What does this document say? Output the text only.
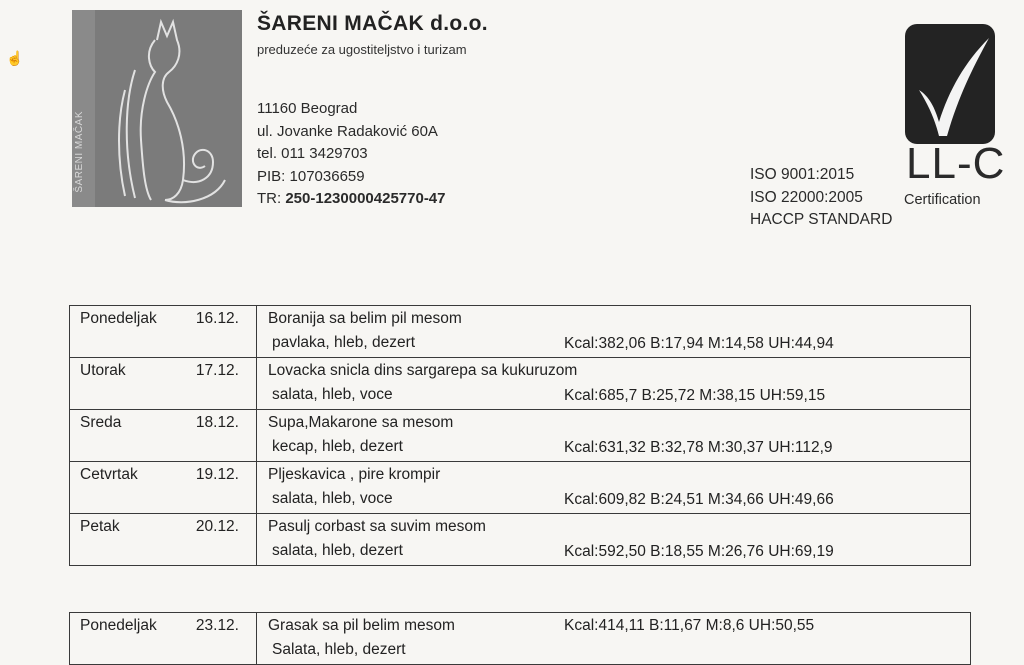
☝
ŠARENI MAČAK
ŠARENI MAČAK d.o.o.
preduzeće za ugostiteljstvo i turizam
11160 Beograd
ul. Jovanke Radaković 60A
tel. 011 3429703
PIB: 107036659
TR: 250-1230000425770-47
ISO 9001:2015
ISO 22000:2005
HACCP STANDARD
LL-C
Certification
Ponedeljak 16.12.	Boranija sa belim pil mesom
pavlaka, hleb, dezert Kcal:382,06 B:17,94 M:14,58 UH:44,94

Utorak 17.12.	Lovacka snicla dins sargarepa sa kukuruzom
salata, hleb, voce Kcal:685,7 B:25,72 M:38,15 UH:59,15

Sreda 18.12.	Supa,Makarone sa mesom
kecap, hleb, dezert Kcal:631,32 B:32,78 M:30,37 UH:112,9

Cetvrtak 19.12.	Pljeskavica , pire krompir
salata, hleb, voce Kcal:609,82 B:24,51 M:34,66 UH:49,66

Petak 20.12.	Pasulj corbast sa suvim mesom
salata, hleb, dezert Kcal:592,50 B:18,55 M:26,76 UH:69,19
Ponedeljak	23.12.	Grasak sa pil belim mesom
Salata, hleb, dezert
Kcal:414,11 B:11,67 M:8,6 UH:50,55
